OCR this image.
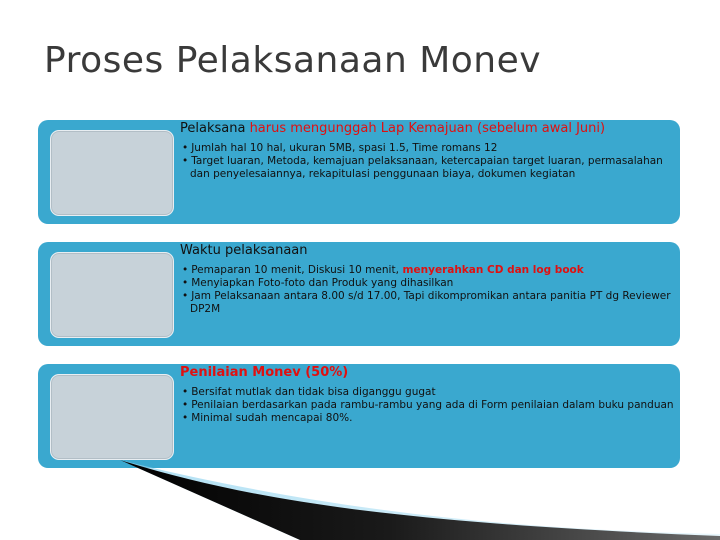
Proses Pelaksanaan Monev
Pelaksana harus mengunggah Lap Kemajuan (sebelum awal Juni)
• Jumlah hal 10 hal, ukuran 5MB, spasi 1.5, Time romans 12
• Target luaran, Metoda, kemajuan pelaksanaan, ketercapaian target luaran, permasalahan dan penyelesaiannya, rekapitulasi penggunaan biaya, dokumen kegiatan
Waktu pelaksanaan
• Pemaparan 10 menit, Diskusi 10 menit, menyerahkan CD dan log book
• Menyiapkan Foto-foto dan Produk yang dihasilkan
• Jam Pelaksanaan antara 8.00 s/d 17.00, Tapi dikompromikan antara panitia PT dg Reviewer DP2M
Penilaian Monev (50%)
• Bersifat mutlak dan tidak bisa diganggu gugat
• Penilaian berdasarkan pada rambu-rambu yang ada di Form penilaian dalam buku panduan
• Minimal sudah mencapai 80%.
